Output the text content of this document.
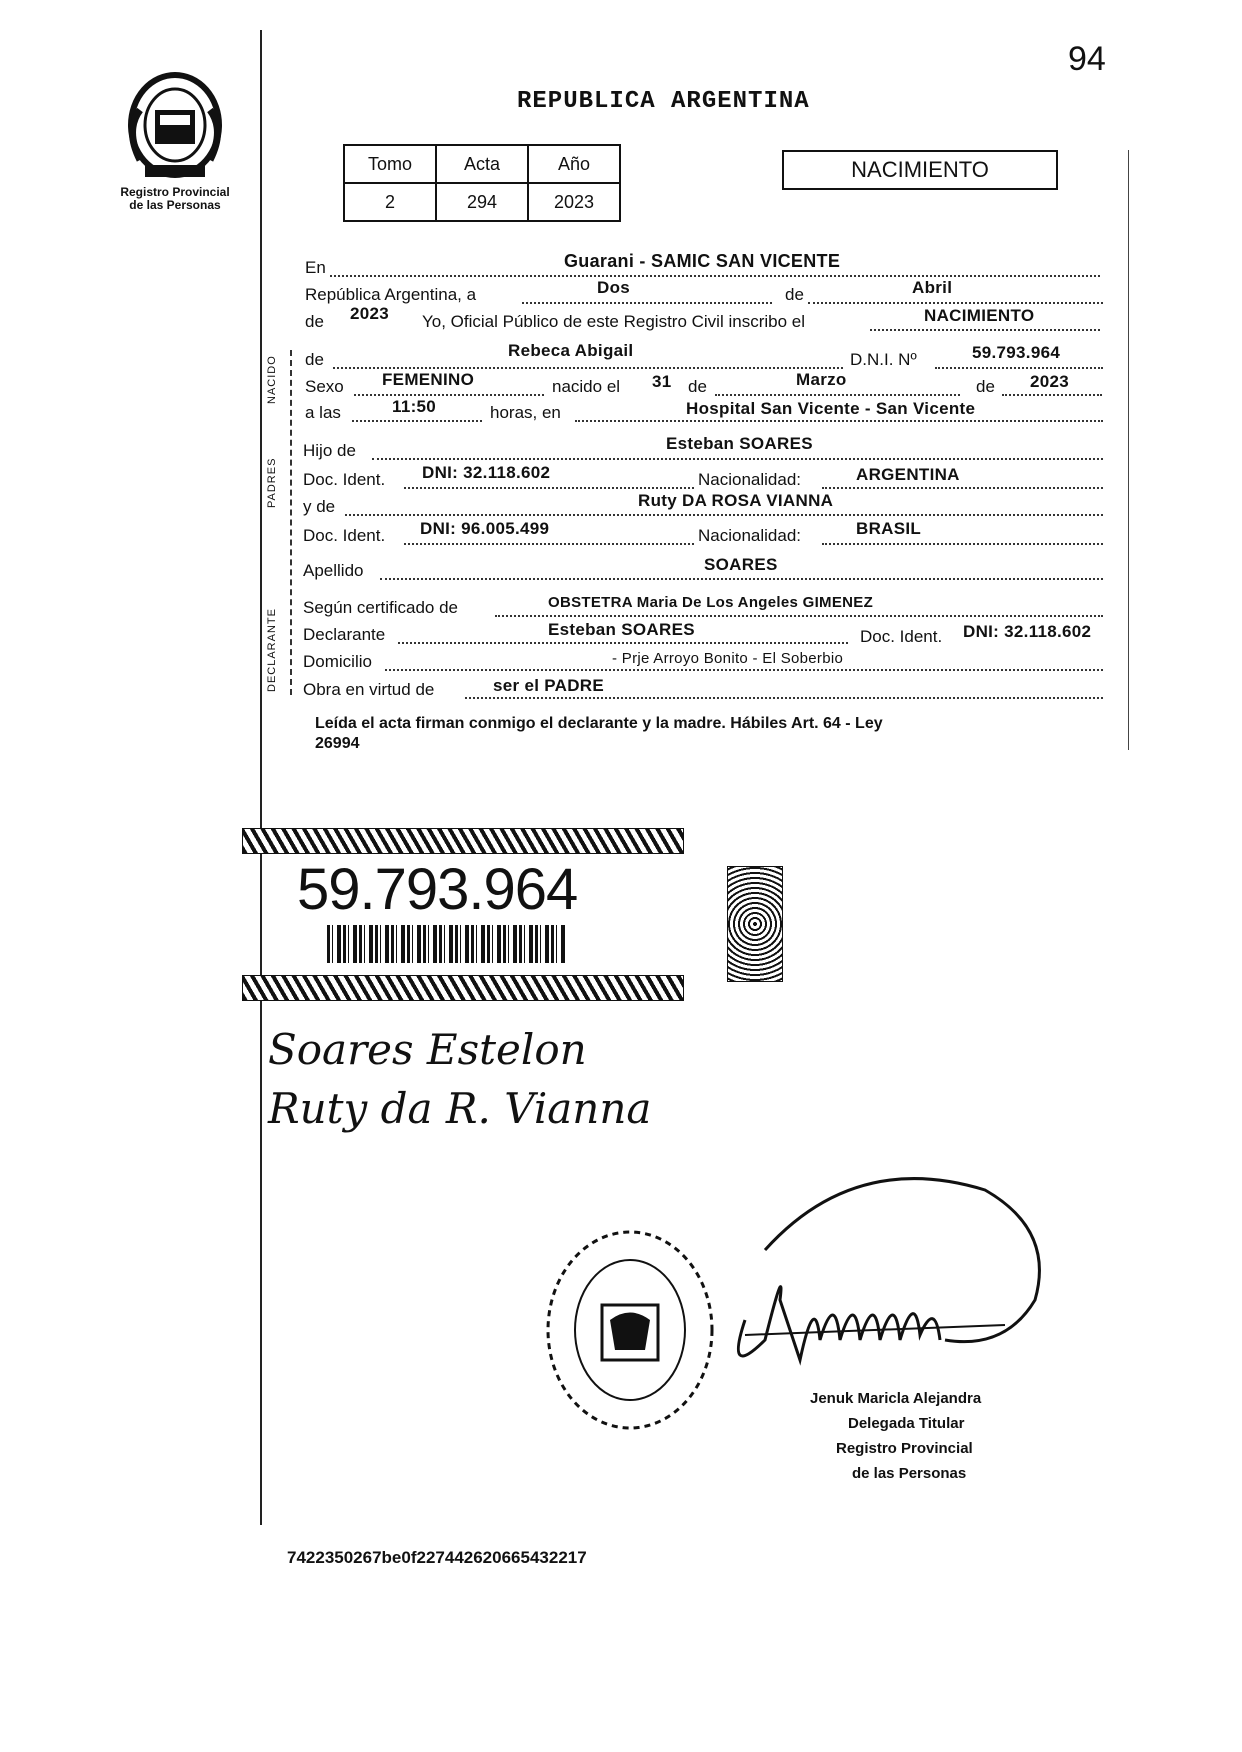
94
Registro Provincial
de las Personas
REPUBLICA ARGENTINA
Tomo	Acta	Año
2	294	2023
NACIMIENTO
NACIDO
PADRES
DECLARANTE
En	Guarani - SAMIC SAN VICENTE
República Argentina, a	Dos	de	Abril
de 2023 Yo, Oficial Público de este Registro Civil inscribo el	NACIMIENTO
de	Rebeca Abigail	D.N.I. Nº	59.793.964
Sexo FEMENINO	nacido el 31 de	Marzo	de 2023
a las	11:50	horas, en	Hospital San Vicente - San Vicente
Hijo de	Esteban SOARES
Doc. Ident. DNI: 32.118.602	Nacionalidad:	ARGENTINA
y de	Ruty DA ROSA VIANNA
Doc. Ident. DNI: 96.005.499	Nacionalidad:	BRASIL
Apellido	SOARES
Según certificado de	OBSTETRA Maria De Los Angeles GIMENEZ
Declarante	Esteban SOARES	Doc. Ident. DNI: 32.118.602
Domicilio	- Prje Arroyo Bonito - El Soberbio
Obra en virtud de	ser el PADRE
Leída el acta firman conmigo el declarante y la madre. Hábiles Art. 64 - Ley
26994
59.793.964
Soares Estelon
Ruty da R. Vianna
Jenuk Maricla Alejandra
Delegada Titular
Registro Provincial
de las Personas
7422350267be0f227442620665432217
